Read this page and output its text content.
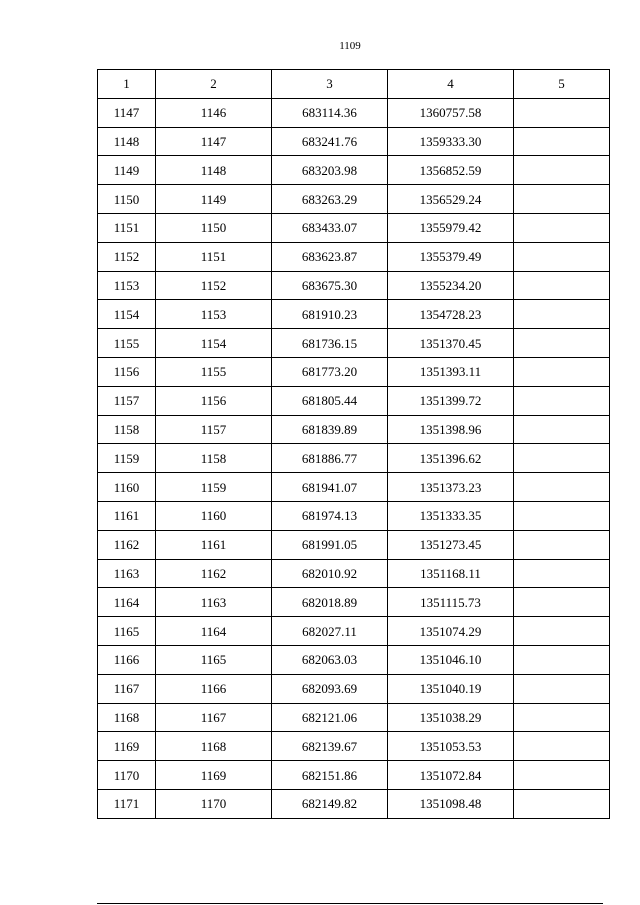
1109
1	2	3	4	5
1147	1146	683114.36	1360757.58	
1148	1147	683241.76	1359333.30	
1149	1148	683203.98	1356852.59	
1150	1149	683263.29	1356529.24	
1151	1150	683433.07	1355979.42	
1152	1151	683623.87	1355379.49	
1153	1152	683675.30	1355234.20	
1154	1153	681910.23	1354728.23	
1155	1154	681736.15	1351370.45	
1156	1155	681773.20	1351393.11	
1157	1156	681805.44	1351399.72	
1158	1157	681839.89	1351398.96	
1159	1158	681886.77	1351396.62	
1160	1159	681941.07	1351373.23	
1161	1160	681974.13	1351333.35	
1162	1161	681991.05	1351273.45	
1163	1162	682010.92	1351168.11	
1164	1163	682018.89	1351115.73	
1165	1164	682027.11	1351074.29	
1166	1165	682063.03	1351046.10	
1167	1166	682093.69	1351040.19	
1168	1167	682121.06	1351038.29	
1169	1168	682139.67	1351053.53	
1170	1169	682151.86	1351072.84	
1171	1170	682149.82	1351098.48	
